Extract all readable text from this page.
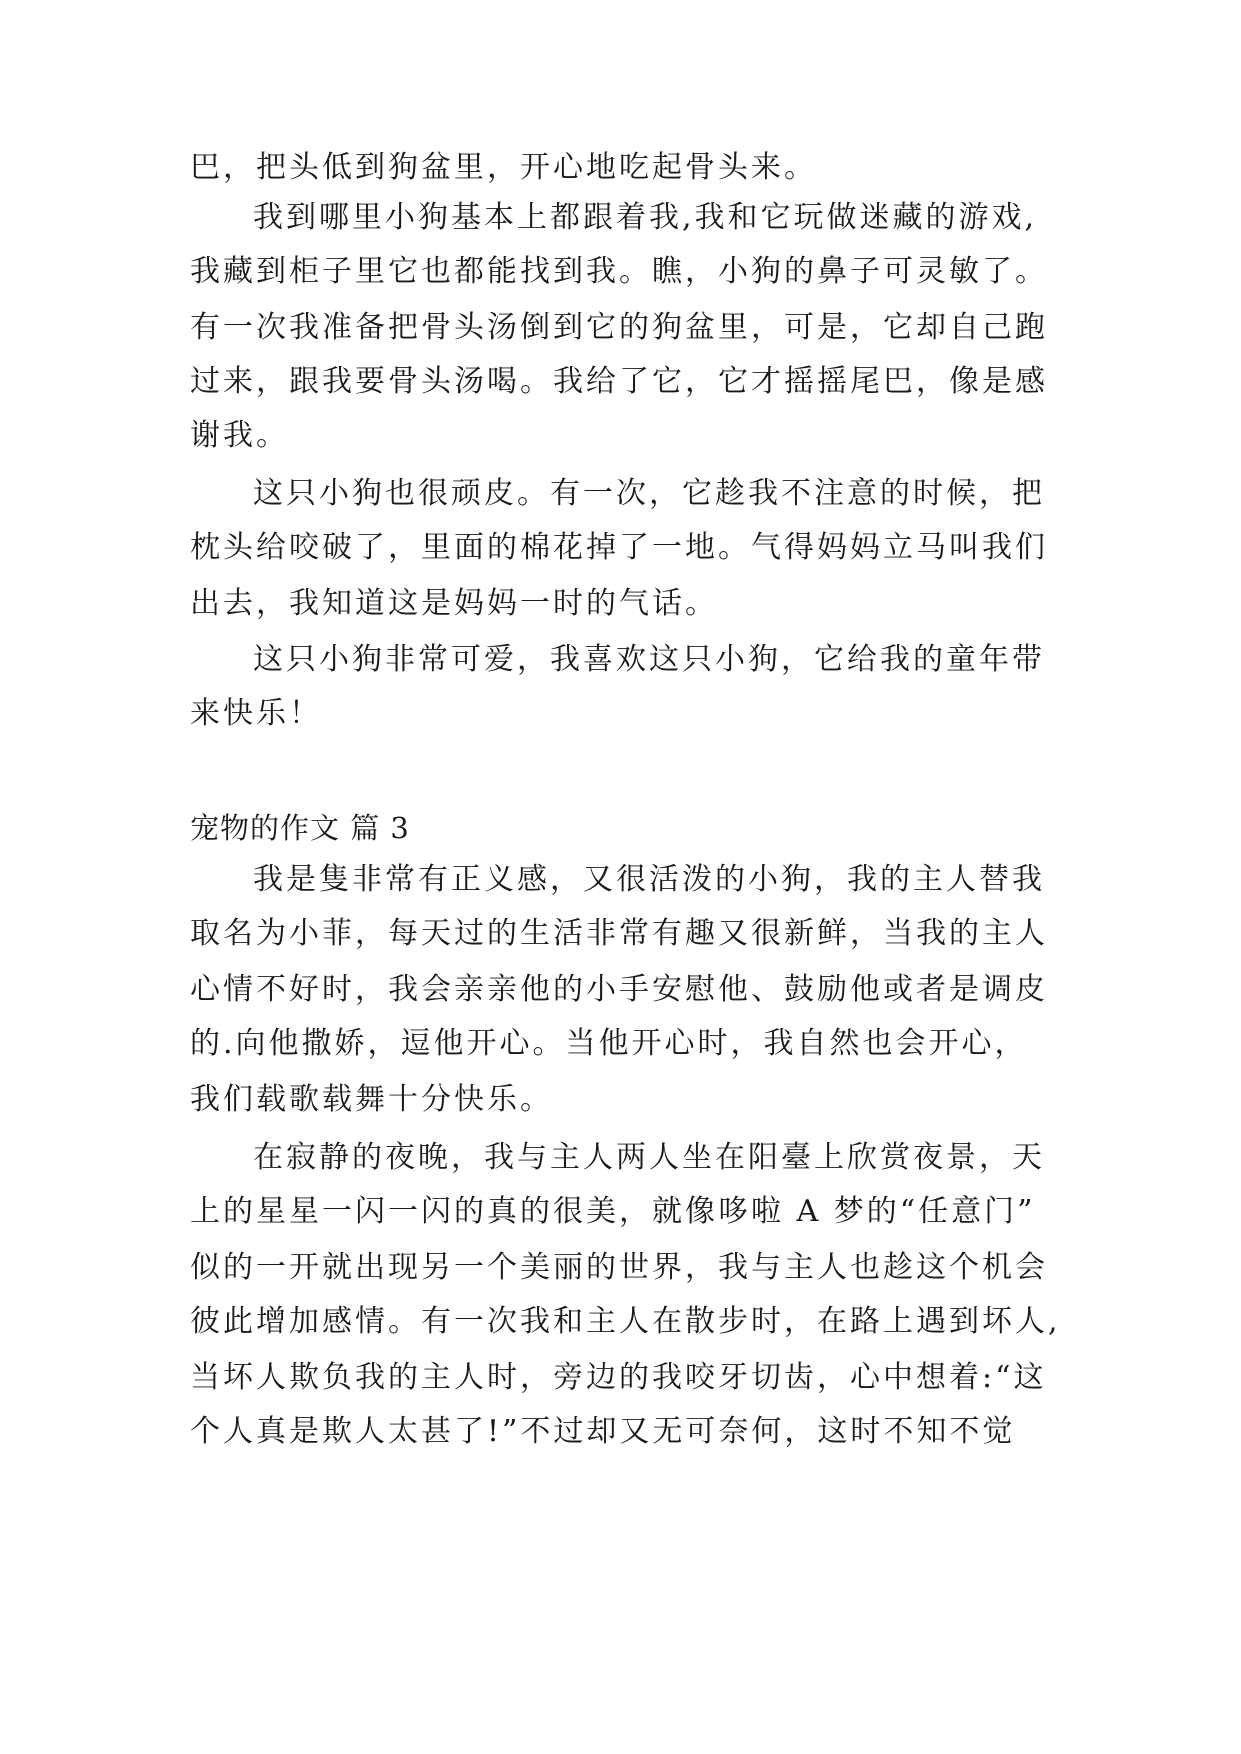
巴，把头低到狗盆里，开心地吃起骨头来。
我到哪里小狗基本上都跟着我,我和它玩做迷藏的游戏,
我藏到柜子里它也都能找到我。瞧，小狗的鼻子可灵敏了。
有一次我准备把骨头汤倒到它的狗盆里，可是，它却自己跑
过来，跟我要骨头汤喝。我给了它，它才摇摇尾巴，像是感
谢我。
这只小狗也很顽皮。有一次，它趁我不注意的时候，把
枕头给咬破了，里面的棉花掉了一地。气得妈妈立马叫我们
出去，我知道这是妈妈一时的气话。
这只小狗非常可爱，我喜欢这只小狗，它给我的童年带
来快乐！
宠物的作文 篇 3
我是隻非常有正义感，又很活泼的小狗，我的主人替我
取名为小菲，每天过的生活非常有趣又很新鲜，当我的主人
心情不好时，我会亲亲他的小手安慰他、鼓励他或者是调皮
的.向他撒娇，逗他开心。当他开心时，我自然也会开心，
我们载歌载舞十分快乐。
在寂静的夜晚，我与主人两人坐在阳臺上欣赏夜景，天
上的星星一闪一闪的真的很美，就像哆啦 A 梦的“任意门”
似的一开就出现另一个美丽的世界，我与主人也趁这个机会
彼此增加感情。有一次我和主人在散步时，在路上遇到坏人,
当坏人欺负我的主人时，旁边的我咬牙切齿，心中想着:“这
个人真是欺人太甚了!”不过却又无可奈何，这时不知不觉
